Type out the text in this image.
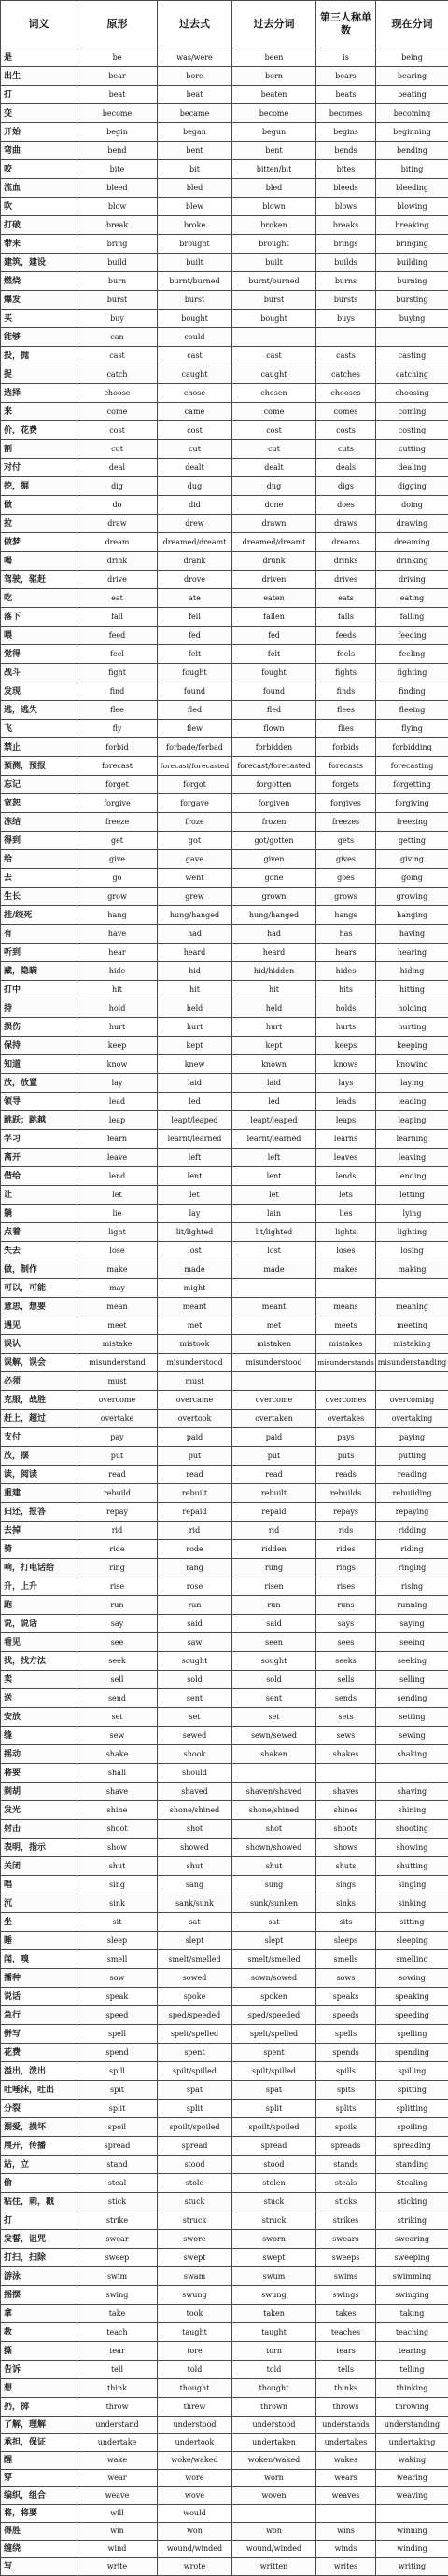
词义	原形	过去式	过去分词	第三人称单数	现在分词
是	be	was/were	been	is	being
出生	bear	bore	born	bears	bearing
打	beat	beat	beaten	beats	beating
变	become	became	become	becomes	becoming
开始	begin	began	begun	begins	beginning
弯曲	bend	bent	bent	bends	bending
咬	bite	bit	bitten/bit	bites	biting
流血	bleed	bled	bled	bleeds	bleeding
吹	blow	blew	blown	blows	blowing
打破	break	broke	broken	breaks	breaking
带来	bring	brought	brought	brings	bringing
建筑，建设	build	built	built	builds	building
燃烧	burn	burnt/burned	burnt/burned	burns	burning
爆发	burst	burst	burst	bursts	bursting
买	buy	bought	bought	buys	buying
能够	can	could			
投，抛	cast	cast	cast	casts	casting
捉	catch	caught	caught	catches	catching
选择	choose	chose	chosen	chooses	choosing
来	come	came	come	comes	coming
价，花费	cost	cost	cost	costs	costing
割	cut	cut	cut	cuts	cutting
对付	deal	dealt	dealt	deals	dealing
挖，掘	dig	dug	dug	digs	digging
做	do	did	done	does	doing
拉	draw	drew	drawn	draws	drawing
做梦	dream	dreamed/dreamt	dreamed/dreamt	dreams	dreaming
喝	drink	drank	drunk	drinks	drinking
驾驶，驱赶	drive	drove	driven	drives	driving
吃	eat	ate	eaten	eats	eating
落下	fall	fell	fallen	falls	falling
喂	feed	fed	fed	feeds	feeding
觉得	feel	felt	felt	feels	feeling
战斗	fight	fought	fought	fights	fighting
发现	find	found	found	finds	finding
逃，逃失	flee	fled	fled	flees	fleeing
飞	fly	flew	flown	flies	flying
禁止	forbid	forbade/forbad	forbidden	forbids	forbidding
预测，预报	forecast	forecast/forecasted	forecast/forecasted	forecasts	forecasting
忘记	forget	forgot	forgotten	forgets	forgetting
宽恕	forgive	forgave	forgiven	forgives	forgiving
冻结	freeze	froze	frozen	freezes	freezing
得到	get	got	got/gotten	gets	getting
给	give	gave	given	gives	giving
去	go	went	gone	goes	going
生长	grow	grew	grown	grows	growing
挂/绞死	hang	hung/hanged	hung/hanged	hangs	hanging
有	have	had	had	has	having
听到	hear	heard	heard	hears	hearing
藏，隐瞒	hide	hid	hid/hidden	hides	hiding
打中	hit	hit	hit	hits	hitting
持	hold	held	held	holds	holding
损伤	hurt	hurt	hurt	hurts	hurting
保持	keep	kept	kept	keeps	keeping
知道	know	knew	known	knows	knowing
放，放置	lay	laid	laid	lays	laying
领导	lead	led	led	leads	leading
跳跃；跳越	leap	leapt/leaped	leapt/leaped	leaps	leaping
学习	learn	learnt/learned	learnt/learned	learns	learning
离开	leave	left	left	leaves	leaving
借给	lend	lent	lent	lends	lending
让	let	let	let	lets	letting
躺	lie	lay	lain	lies	lying
点着	light	lit/lighted	lit/lighted	lights	lighting
失去	lose	lost	lost	loses	losing
做，制作	make	made	made	makes	making
可以，可能	may	might			
意思，想要	mean	meant	meant	means	meaning
遇见	meet	met	met	meets	meeting
误认	mistake	mistook	mistaken	mistakes	mistaking
误解，误会	misunderstand	misunderstood	misunderstood	misunderstands	misunderstanding
必须	must	must			
克服，战胜	overcome	overcame	overcome	overcomes	overcoming
赶上，超过	overtake	overtook	overtaken	overtakes	overtaking
支付	pay	paid	paid	pays	paying
放，摆	put	put	put	puts	putting
读，阅读	read	read	read	reads	reading
重建	rebuild	rebuilt	rebuilt	rebuilds	rebuilding
归还，报答	repay	repaid	repaid	repays	repaying
去掉	rid	rid	rid	rids	ridding
骑	ride	rode	ridden	rides	riding
响，打电话给	ring	rang	rung	rings	ringing
升，上升	rise	rose	risen	rises	rising
跑	run	ran	run	runs	running
说，说话	say	said	said	says	saying
看见	see	saw	seen	sees	seeing
找，找方法	seek	sought	sought	seeks	seeking
卖	sell	sold	sold	sells	selling
送	send	sent	sent	sends	sending
安放	set	set	set	sets	setting
缝	sew	sewed	sewn/sewed	sews	sewing
摇动	shake	shook	shaken	shakes	shaking
将要	shall	should			
剃胡	shave	shaved	shaven/shaved	shaves	shaving
发光	shine	shone/shined	shone/shined	shines	shining
射击	shoot	shot	shot	shoots	shooting
表明，指示	show	showed	shown/showed	shows	showing
关闭	shut	shut	shut	shuts	shutting
唱	sing	sang	sung	sings	singing
沉	sink	sank/sunk	sunk/sunken	sinks	sinking
坐	sit	sat	sat	sits	sitting
睡	sleep	slept	slept	sleeps	sleeping
闻，嗅	smell	smelt/smelled	smelt/smelled	smells	smelling
播种	sow	sowed	sown/sowed	sows	sowing
说话	speak	spoke	spoken	speaks	speaking
急行	speed	sped/speeded	sped/speeded	speeds	speeding
拼写	spell	spelt/spelled	spelt/spelled	spells	spelling
花费	spend	spent	spent	spends	spending
溢出，泼出	spill	spilt/spilled	spilt/spilled	spills	spilling
吐唾沫，吐出	spit	spat	spat	spits	spitting
分裂	split	split	split	splits	splitting
溺爱，损坏	spoil	spoilt/spoiled	spoilt/spoiled	spoils	spoiling
展开，传播	spread	spread	spread	spreads	spreading
站，立	stand	stood	stood	stands	standing
偷	steal	stole	stolen	steals	Stealing
粘住，刺，戳	stick	stuck	stuck	sticks	sticking
打	strike	struck	struck	strikes	striking
发誓，诅咒	swear	swore	sworn	swears	swearing
打扫，扫除	sweep	swept	swept	sweeps	sweeping
游泳	swim	swam	swum	swims	swimming
摇摆	swing	swung	swung	swings	swinging
拿	take	took	taken	takes	taking
教	teach	taught	taught	teaches	teaching
撕	tear	tore	torn	tears	tearing
告诉	tell	told	told	tells	telling
想	think	thought	thought	thinks	thinking
扔，掷	throw	threw	thrown	throws	throwing
了解，理解	understand	understood	understood	understands	understanding
承担，保证	undertake	undertook	undertaken	undertakes	undertaking
醒	wake	woke/waked	woken/waked	wakes	waking
穿	wear	wore	worn	wears	wearing
编织，组合	weave	wove	woven	weaves	weaving
将，将要	will	would			
得胜	win	won	won	wins	winning
缠绕	wind	wound/winded	wound/winded	winds	winding
写	write	wrote	written	writes	writing
